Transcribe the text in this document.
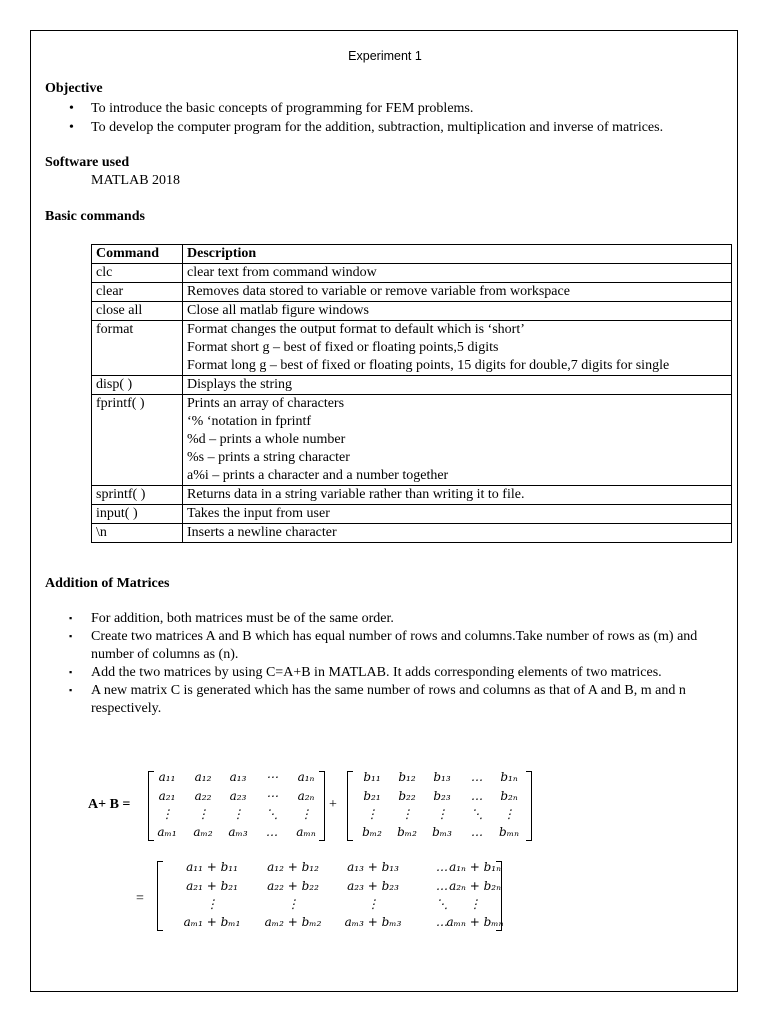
Experiment 1
Objective
• To introduce the basic concepts of programming for FEM problems.
• To develop the computer program for the addition, subtraction, multiplication and inverse of matrices.
Software used
MATLAB 2018
Basic commands
Command	Description
clc	clear text from command window

clear	Removes data stored to variable or remove variable from workspace

close all	Close all matlab figure windows

format	Format changes the output format to default which is ‘short’
Format short g – best of fixed or floating points,5 digits
Format long g – best of fixed or floating points, 15 digits for double,7 digits for single

disp( )	Displays the string

fprintf( )	Prints an array of characters
‘% ‘notation in fprintf
%d – prints a whole number
%s – prints a string character
a%i – prints a character and a number together

sprintf( )	Returns data in a string variable rather than writing it to file.

input( )	Takes the input from user

\n	Inserts a newline character
Addition of Matrices
▪ For addition, both matrices must be of the same order.
▪ Create two matrices A and B which has equal number of rows and columns.Take number of rows as (m) and number of columns as (n).
▪ Add the two matrices by using C=A+B in MATLAB. It adds corresponding elements of two matrices.
▪ A new matrix C is generated which has the same number of rows and columns as that of A and B, m and n respectively.
A+ B =
a₁₁ a₁₂ a₁₃ ⋯ a₁ₙ
a₂₁ a₂₂ a₂₃ ⋯ a₂ₙ
⋮ ⋮ ⋮ ⋱ ⋮
aₘ₁ aₘ₂ aₘ₃ … aₘₙ
+
b₁₁ b₁₂ b₁₃ … b₁ₙ
b₂₁ b₂₂ b₂₃ … b₂ₙ
⋮ ⋮ ⋮ ⋱ ⋮
bₘ₂ bₘ₂ bₘ₃ … bₘₙ
=
a₁₁ + b₁₁ a₁₂ + b₁₂ a₁₃ + b₁₃	… a₁ₙ + b₁ₙ
a₂₁ + b₂₁ a₂₂ + b₂₂ a₂₃ + b₂₃	… a₂ₙ + b₂ₙ
⋮	⋮	⋮	⋱ ⋮
aₘ₁ + bₘ₁ aₘ₂ + bₘ₂ aₘ₃ + bₘ₃	…
aₘₙ + bₘₙ
